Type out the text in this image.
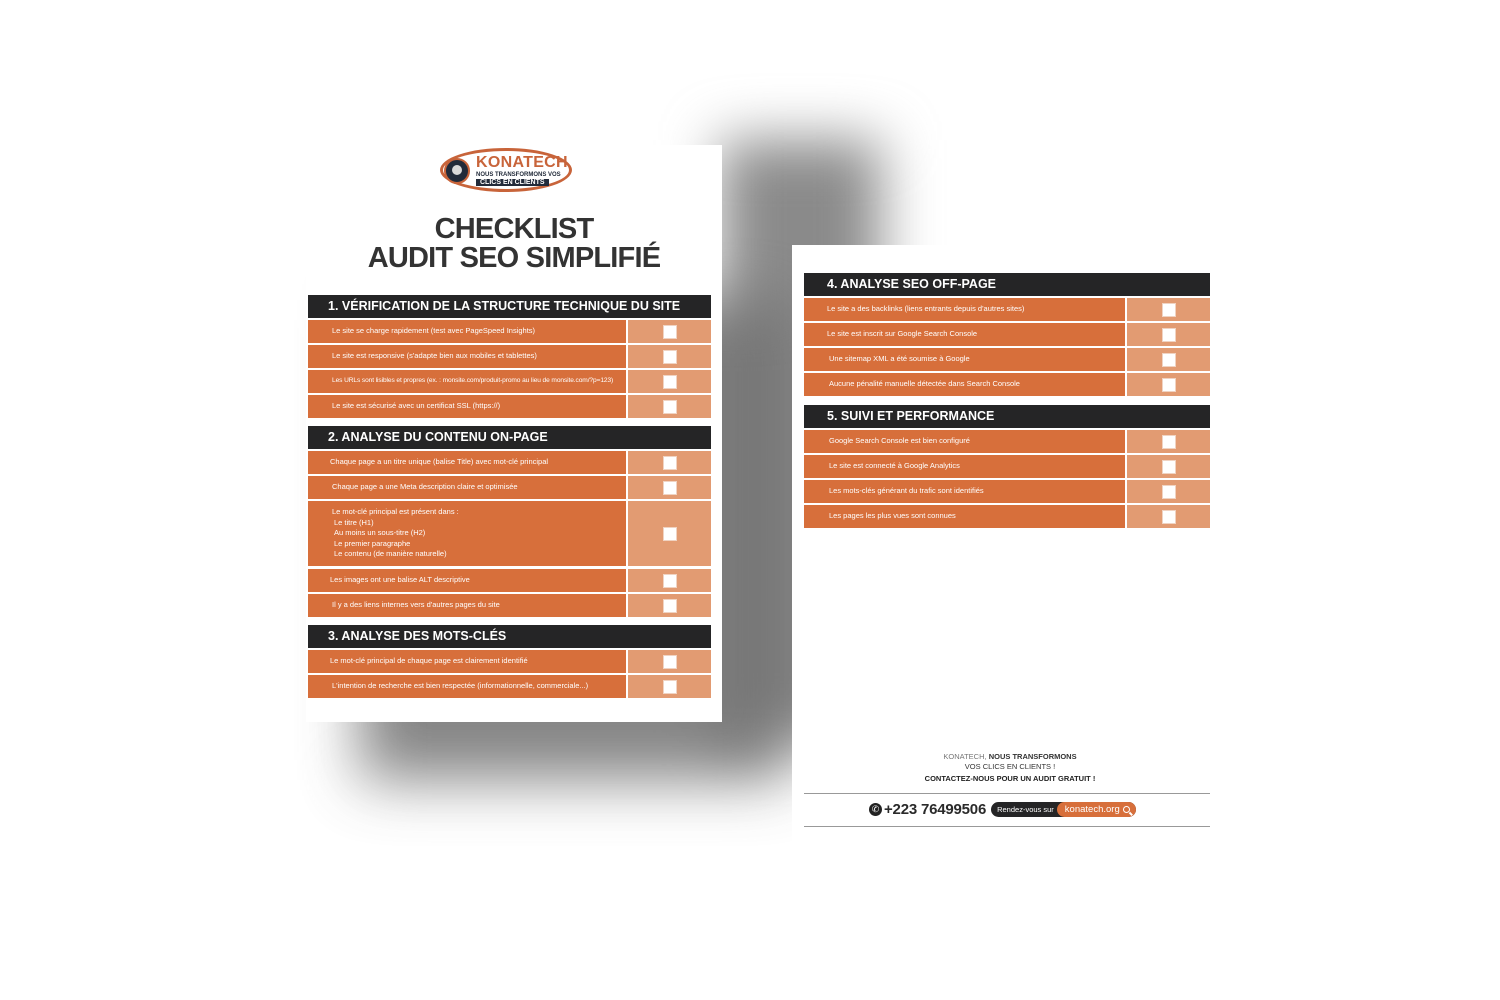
KONATECH
NOUS TRANSFORMONS VOS
CLICS EN CLIENTS
CHECKLIST
AUDIT SEO SIMPLIFIÉ
1. VÉRIFICATION DE LA STRUCTURE TECHNIQUE DU SITE
Le site se charge rapidement (test avec PageSpeed Insights)
Le site est responsive (s'adapte bien aux mobiles et tablettes)
Les URLs sont lisibles et propres (ex. : monsite.com/produit-promo au lieu de monsite.com/?p=123)
Le site est sécurisé avec un certificat SSL (https://)
2. ANALYSE DU CONTENU ON-PAGE
Chaque page a un titre unique (balise Title) avec mot-clé principal
Chaque page a une Meta description claire et optimisée
Le mot-clé principal est présent dans :
Le titre (H1)
Au moins un sous-titre (H2)
Le premier paragraphe
Le contenu (de manière naturelle)
Les images ont une balise ALT descriptive
Il y a des liens internes vers d'autres pages du site
3. ANALYSE DES MOTS-CLÉS
Le mot-clé principal de chaque page est clairement identifié
L'intention de recherche est bien respectée (informationnelle, commerciale...)
4. ANALYSE SEO OFF-PAGE
Le site a des backlinks (liens entrants depuis d'autres sites)
Le site est inscrit sur Google Search Console
Une sitemap XML a été soumise à Google
Aucune pénalité manuelle détectée dans Search Console
5. SUIVI ET PERFORMANCE
Google Search Console est bien configuré
Le site est connecté à Google Analytics
Les mots-clés générant du trafic sont identifiés
Les pages les plus vues sont connues
KONATECH, NOUS TRANSFORMONS
VOS CLICS EN CLIENTS !
CONTACTEZ-NOUS POUR UN AUDIT GRATUIT !
✆ +223 76499506 Rendez-vous sur konatech.org
